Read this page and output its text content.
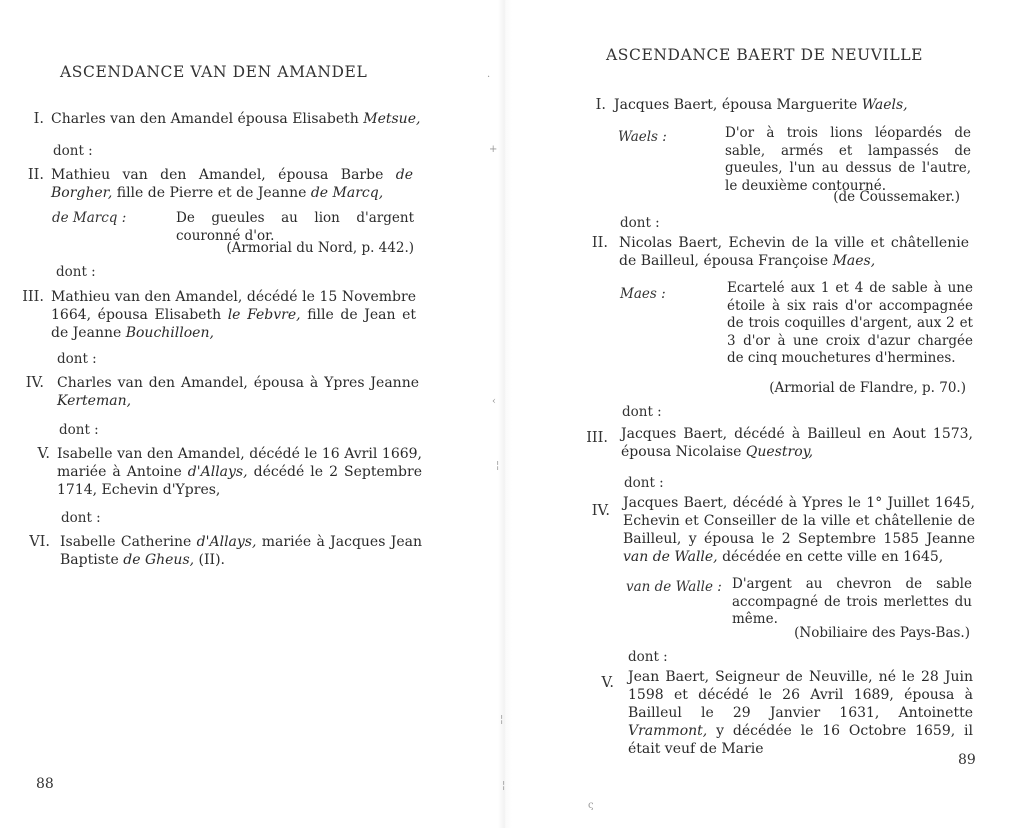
ASCENDANCE VAN DEN AMANDEL
I. Charles van den Amandel épousa Elisabeth Metsue,
dont :
II. Mathieu van den Amandel, épousa Barbe de Borgher, fille de Pierre et de Jeanne de Marcq,
de Marcq :	De gueules au lion d'argent couronné d'or.
(Armorial du Nord, p. 442.)
dont :
III. Mathieu van den Amandel, décédé le 15 Novembre 1664, épousa Elisabeth le Febvre, fille de Jean et de Jeanne Bouchilloen,
dont :
IV. Charles van den Amandel, épousa à Ypres Jeanne Kerteman,
dont :
V. Isabelle van den Amandel, décédé le 16 Avril 1669, mariée à Antoine d'Allays, décédé le 2 Septembre 1714, Echevin d'Ypres,
dont :
VI. Isabelle Catherine d'Allays, mariée à Jacques Jean Baptiste de Gheus, (II).
88
·
+
‹
¦
¦
¦
ς
ASCENDANCE BAERT DE NEUVILLE
I. Jacques Baert, épousa Marguerite Waels,
Waels :	D'or à trois lions léopardés de sable, armés et lampassés de gueules, l'un au dessus de l'autre, le deuxième contourné.
(de Coussemaker.)
dont :
II. Nicolas Baert, Echevin de la ville et châtellenie de Bailleul, épousa Françoise Maes,
Maes :	Ecartelé aux 1 et 4 de sable à une étoile à six rais d'or accompagnée de trois coquilles d'argent, aux 2 et 3 d'or à une croix d'azur chargée de cinq mouchetures d'hermines.
(Armorial de Flandre, p. 70.)
dont :
III. Jacques Baert, décédé à Bailleul en Aout 1573, épousa Nicolaise Questroy,
dont :
IV. Jacques Baert, décédé à Ypres le 1° Juillet 1645, Echevin et Conseiller de la ville et châtellenie de Bailleul, y épousa le 2 Septembre 1585 Jeanne van de Walle, décédée en cette ville en 1645,
van de Walle : D'argent au chevron de sable accompagné de trois merlettes du même.
(Nobiliaire des Pays-Bas.)
dont :
V. Jean Baert, Seigneur de Neuville, né le 28 Juin 1598 et décédé le 26 Avril 1689, épousa à Bailleul le 29 Janvier 1631, Antoinette Vrammont, y décédée le 16 Octobre 1659, il était veuf de Marie
89
